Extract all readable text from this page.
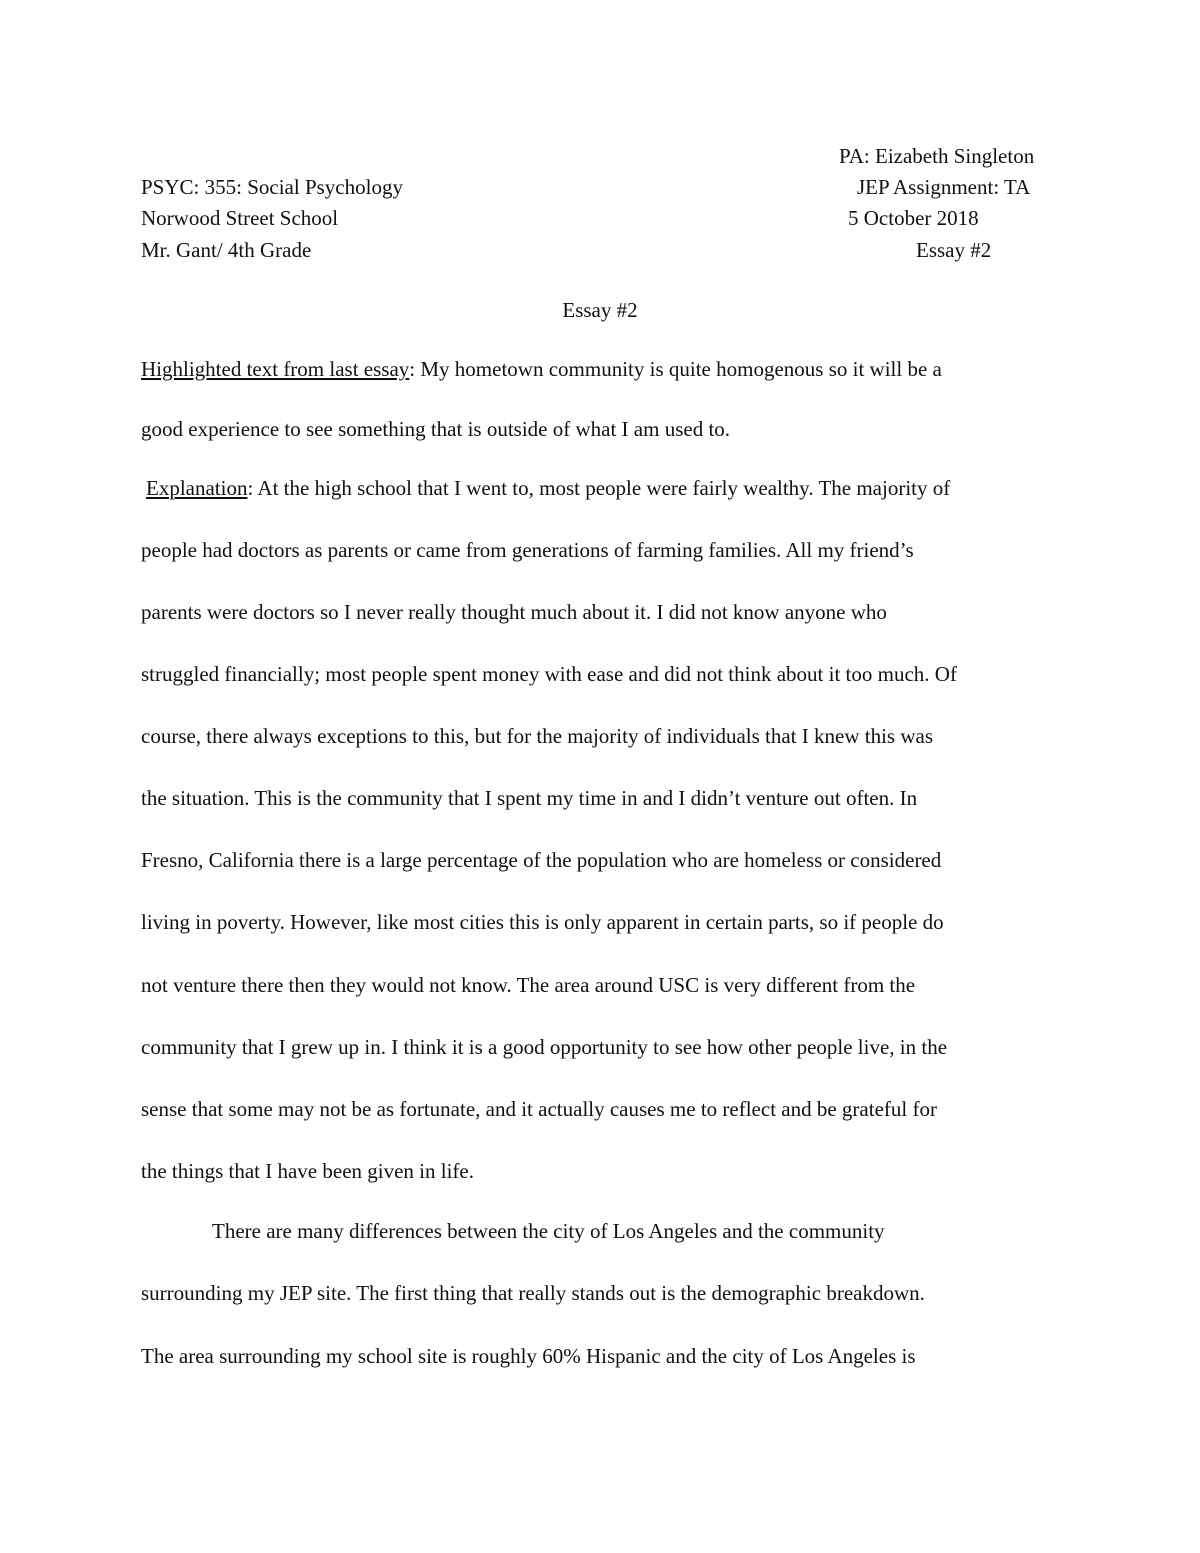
PA: Eizabeth Singleton
PSYC: 355: Social Psychology	JEP Assignment: TA
Norwood Street School	5 October 2018
Mr. Gant/ 4th Grade	Essay #2
Essay #2
Highlighted text from last essay: My hometown community is quite homogenous so it will be a
good experience to see something that is outside of what I am used to.
Explanation: At the high school that I went to, most people were fairly wealthy. The majority of
people had doctors as parents or came from generations of farming families. All my friend’s
parents were doctors so I never really thought much about it. I did not know anyone who
struggled financially; most people spent money with ease and did not think about it too much. Of
course, there always exceptions to this, but for the majority of individuals that I knew this was
the situation. This is the community that I spent my time in and I didn’t venture out often. In
Fresno, California there is a large percentage of the population who are homeless or considered
living in poverty. However, like most cities this is only apparent in certain parts, so if people do
not venture there then they would not know. The area around USC is very different from the
community that I grew up in. I think it is a good opportunity to see how other people live, in the
sense that some may not be as fortunate, and it actually causes me to reflect and be grateful for
the things that I have been given in life.
There are many differences between the city of Los Angeles and the community
surrounding my JEP site. The first thing that really stands out is the demographic breakdown.
The area surrounding my school site is roughly 60% Hispanic and the city of Los Angeles is
